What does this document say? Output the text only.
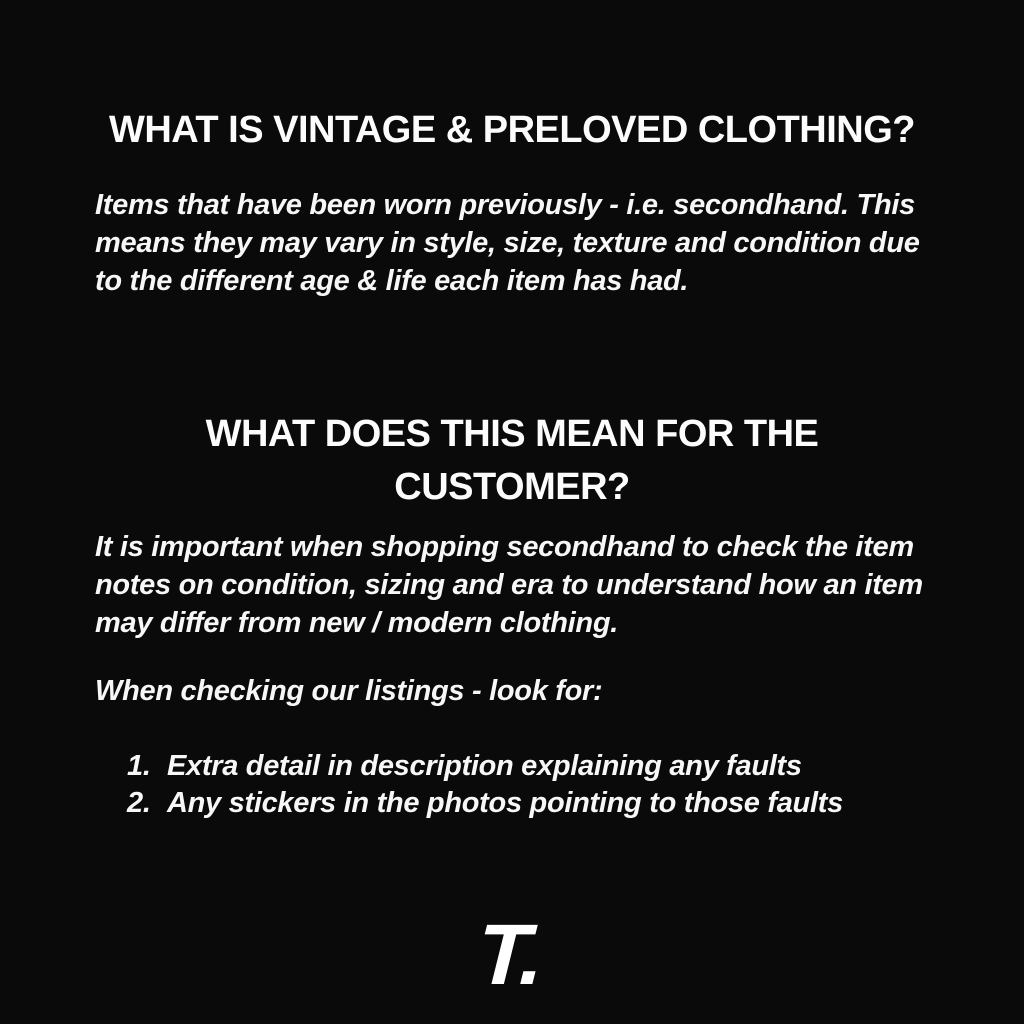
WHAT IS VINTAGE & PRELOVED CLOTHING?
Items that have been worn previously - i.e. secondhand. This
means they may vary in style, size, texture and condition due
to the different age & life each item has had.
WHAT DOES THIS MEAN FOR THE
CUSTOMER?
It is important when shopping secondhand to check the item
notes on condition, sizing and era to understand how an item
may differ from new / modern clothing.
When checking our listings - look for:
1. Extra detail in description explaining any faults
2. Any stickers in the photos pointing to those faults
T.
